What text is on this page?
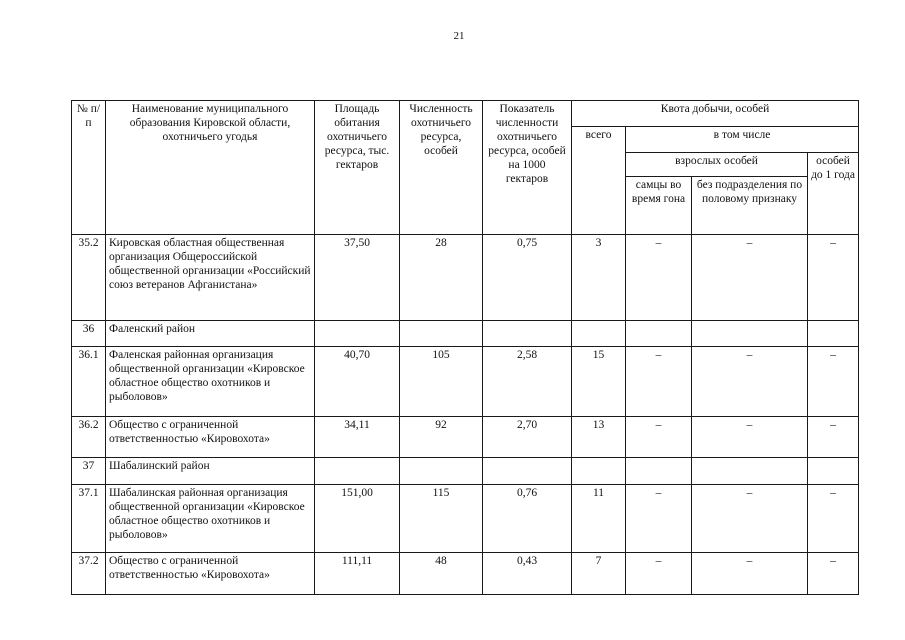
21
№ п/п	Наименование муниципального образования Кировской области, охотничьего угодья	Площадь обитания охотничьего ресурса, тыс. гектаров	Численность охотничьего ресурса, особей	Показатель численности охотничьего ресурса, особей на 1000 гектаров	Квота добычи, особей			
					всего	в том числе		
						взрослых особей		особей до 1 года
						самцы во время гона	без подразделения по половому признаку	
35.2	Кировская областная общественная организация Общероссийской общественной организации «Российский союз ветеранов Афганистана»	37,50	28	0,75	3	–	–	–
36	Фаленский район							
36.1	Фаленская районная организация общественной организации «Кировское областное общество охотников и рыболовов»	40,70	105	2,58	15	–	–	–
36.2	Общество с ограниченной ответственностью «Кировохота»	34,11	92	2,70	13	–	–	–
37	Шабалинский район							
37.1	Шабалинская районная организация общественной организации «Кировское областное общество охотников и рыболовов»	151,00	115	0,76	11	–	–	–
37.2	Общество с ограниченной ответственностью «Кировохота»	111,11	48	0,43	7	–	–	–
